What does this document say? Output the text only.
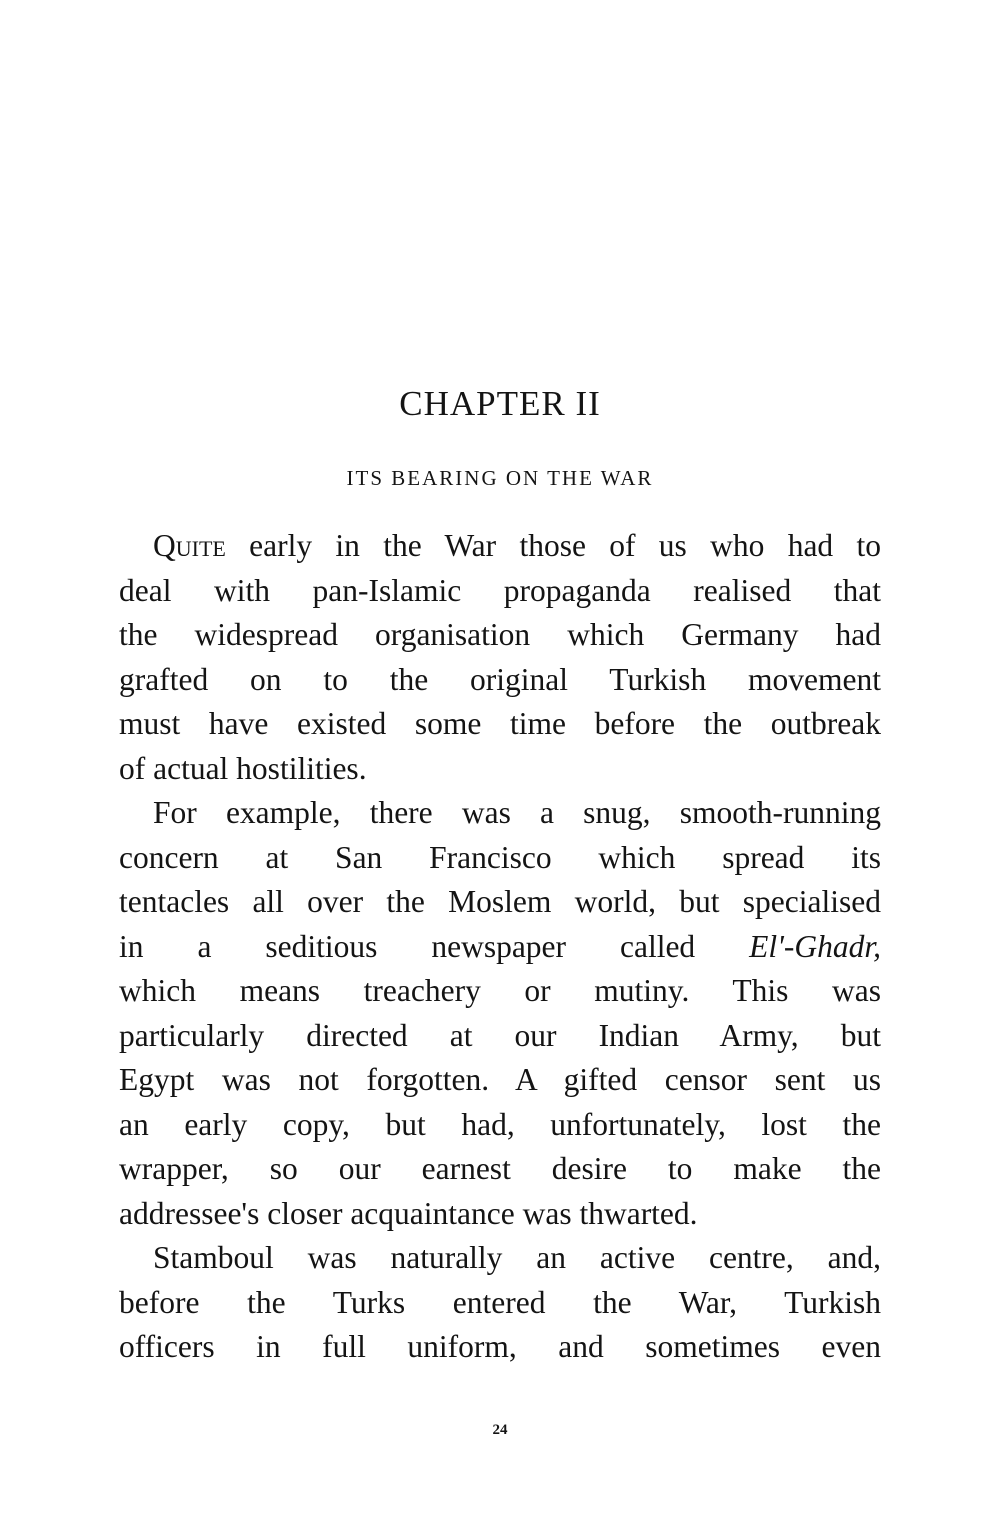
CHAPTER II
ITS BEARING ON THE WAR
Quite early in the War those of us who had to
deal with pan-Islamic propaganda realised that
the widespread organisation which Germany had
grafted on to the original Turkish movement
must have existed some time before the outbreak
of actual hostilities.
For example, there was a snug, smooth-running
concern at San Francisco which spread its
tentacles all over the Moslem world, but specialised
in a seditious newspaper called El'-Ghadr,
which means treachery or mutiny. This was
particularly directed at our Indian Army, but
Egypt was not forgotten. A gifted censor sent us
an early copy, but had, unfortunately, lost the
wrapper, so our earnest desire to make the
addressee's closer acquaintance was thwarted.
Stamboul was naturally an active centre, and,
before the Turks entered the War, Turkish
officers in full uniform, and sometimes even
24
